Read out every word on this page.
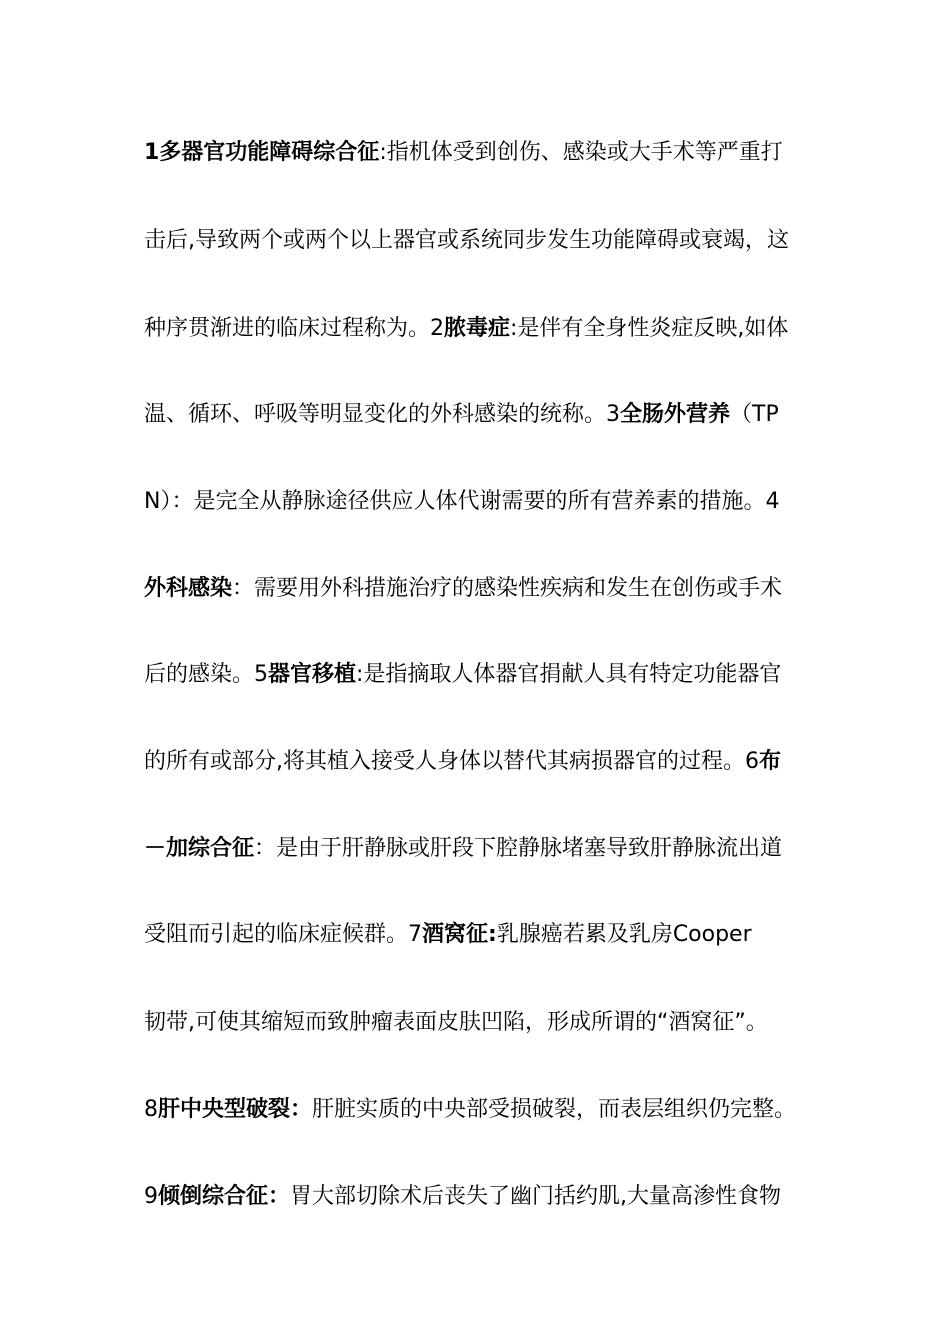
1多器官功能障碍综合征:指机体受到创伤、感染或大手术等严重打
击后,导致两个或两个以上器官或系统同步发生功能障碍或衰竭，这
种序贯渐进的临床过程称为。2脓毒症:是伴有全身性炎症反映,如体
温、循环、呼吸等明显变化的外科感染的统称。3全肠外营养（TP
N）：是完全从静脉途径供应人体代谢需要的所有营养素的措施。4
外科感染：需要用外科措施治疗的感染性疾病和发生在创伤或手术
后的感染。5器官移植:是指摘取人体器官捐献人具有特定功能器官
的所有或部分,将其植入接受人身体以替代其病损器官的过程。6布
－加综合征：是由于肝静脉或肝段下腔静脉堵塞导致肝静脉流出道
受阻而引起的临床症候群。7酒窝征:乳腺癌若累及乳房Cooper
韧带,可使其缩短而致肿瘤表面皮肤凹陷，形成所谓的“酒窝征”。
8肝中央型破裂：肝脏实质的中央部受损破裂，而表层组织仍完整。
9倾倒综合征：胃大部切除术后丧失了幽门括约肌,大量高渗性食物
